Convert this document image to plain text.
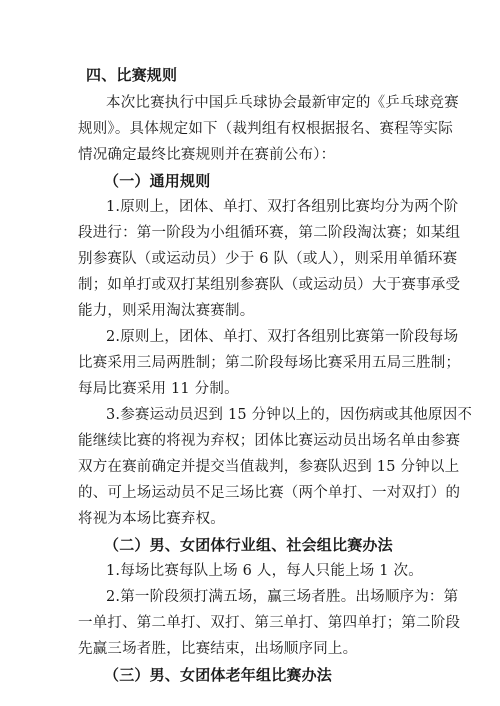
四、比赛规则
本次比赛执行中国乒乓球协会最新审定的《乒乓球竞赛
规则》。具体规定如下（裁判组有权根据报名、赛程等实际
情况确定最终比赛规则并在赛前公布）：
（一）通用规则
1.原则上，团体、单打、双打各组别比赛均分为两个阶
段进行：第一阶段为小组循环赛，第二阶段淘汰赛；如某组
别参赛队（或运动员）少于 6 队（或人），则采用单循环赛
制；如单打或双打某组别参赛队（或运动员）大于赛事承受
能力，则采用淘汰赛赛制。
2.原则上，团体、单打、双打各组别比赛第一阶段每场
比赛采用三局两胜制；第二阶段每场比赛采用五局三胜制；
每局比赛采用 11 分制。
3.参赛运动员迟到 15 分钟以上的，因伤病或其他原因不
能继续比赛的将视为弃权；团体比赛运动员出场名单由参赛
双方在赛前确定并提交当值裁判，参赛队迟到 15 分钟以上
的、可上场运动员不足三场比赛（两个单打、一对双打）的
将视为本场比赛弃权。
（二）男、女团体行业组、社会组比赛办法
1.每场比赛每队上场 6 人，每人只能上场 1 次。
2.第一阶段须打满五场，赢三场者胜。出场顺序为：第
一单打、第二单打、双打、第三单打、第四单打；第二阶段
先赢三场者胜，比赛结束，出场顺序同上。
（三）男、女团体老年组比赛办法
